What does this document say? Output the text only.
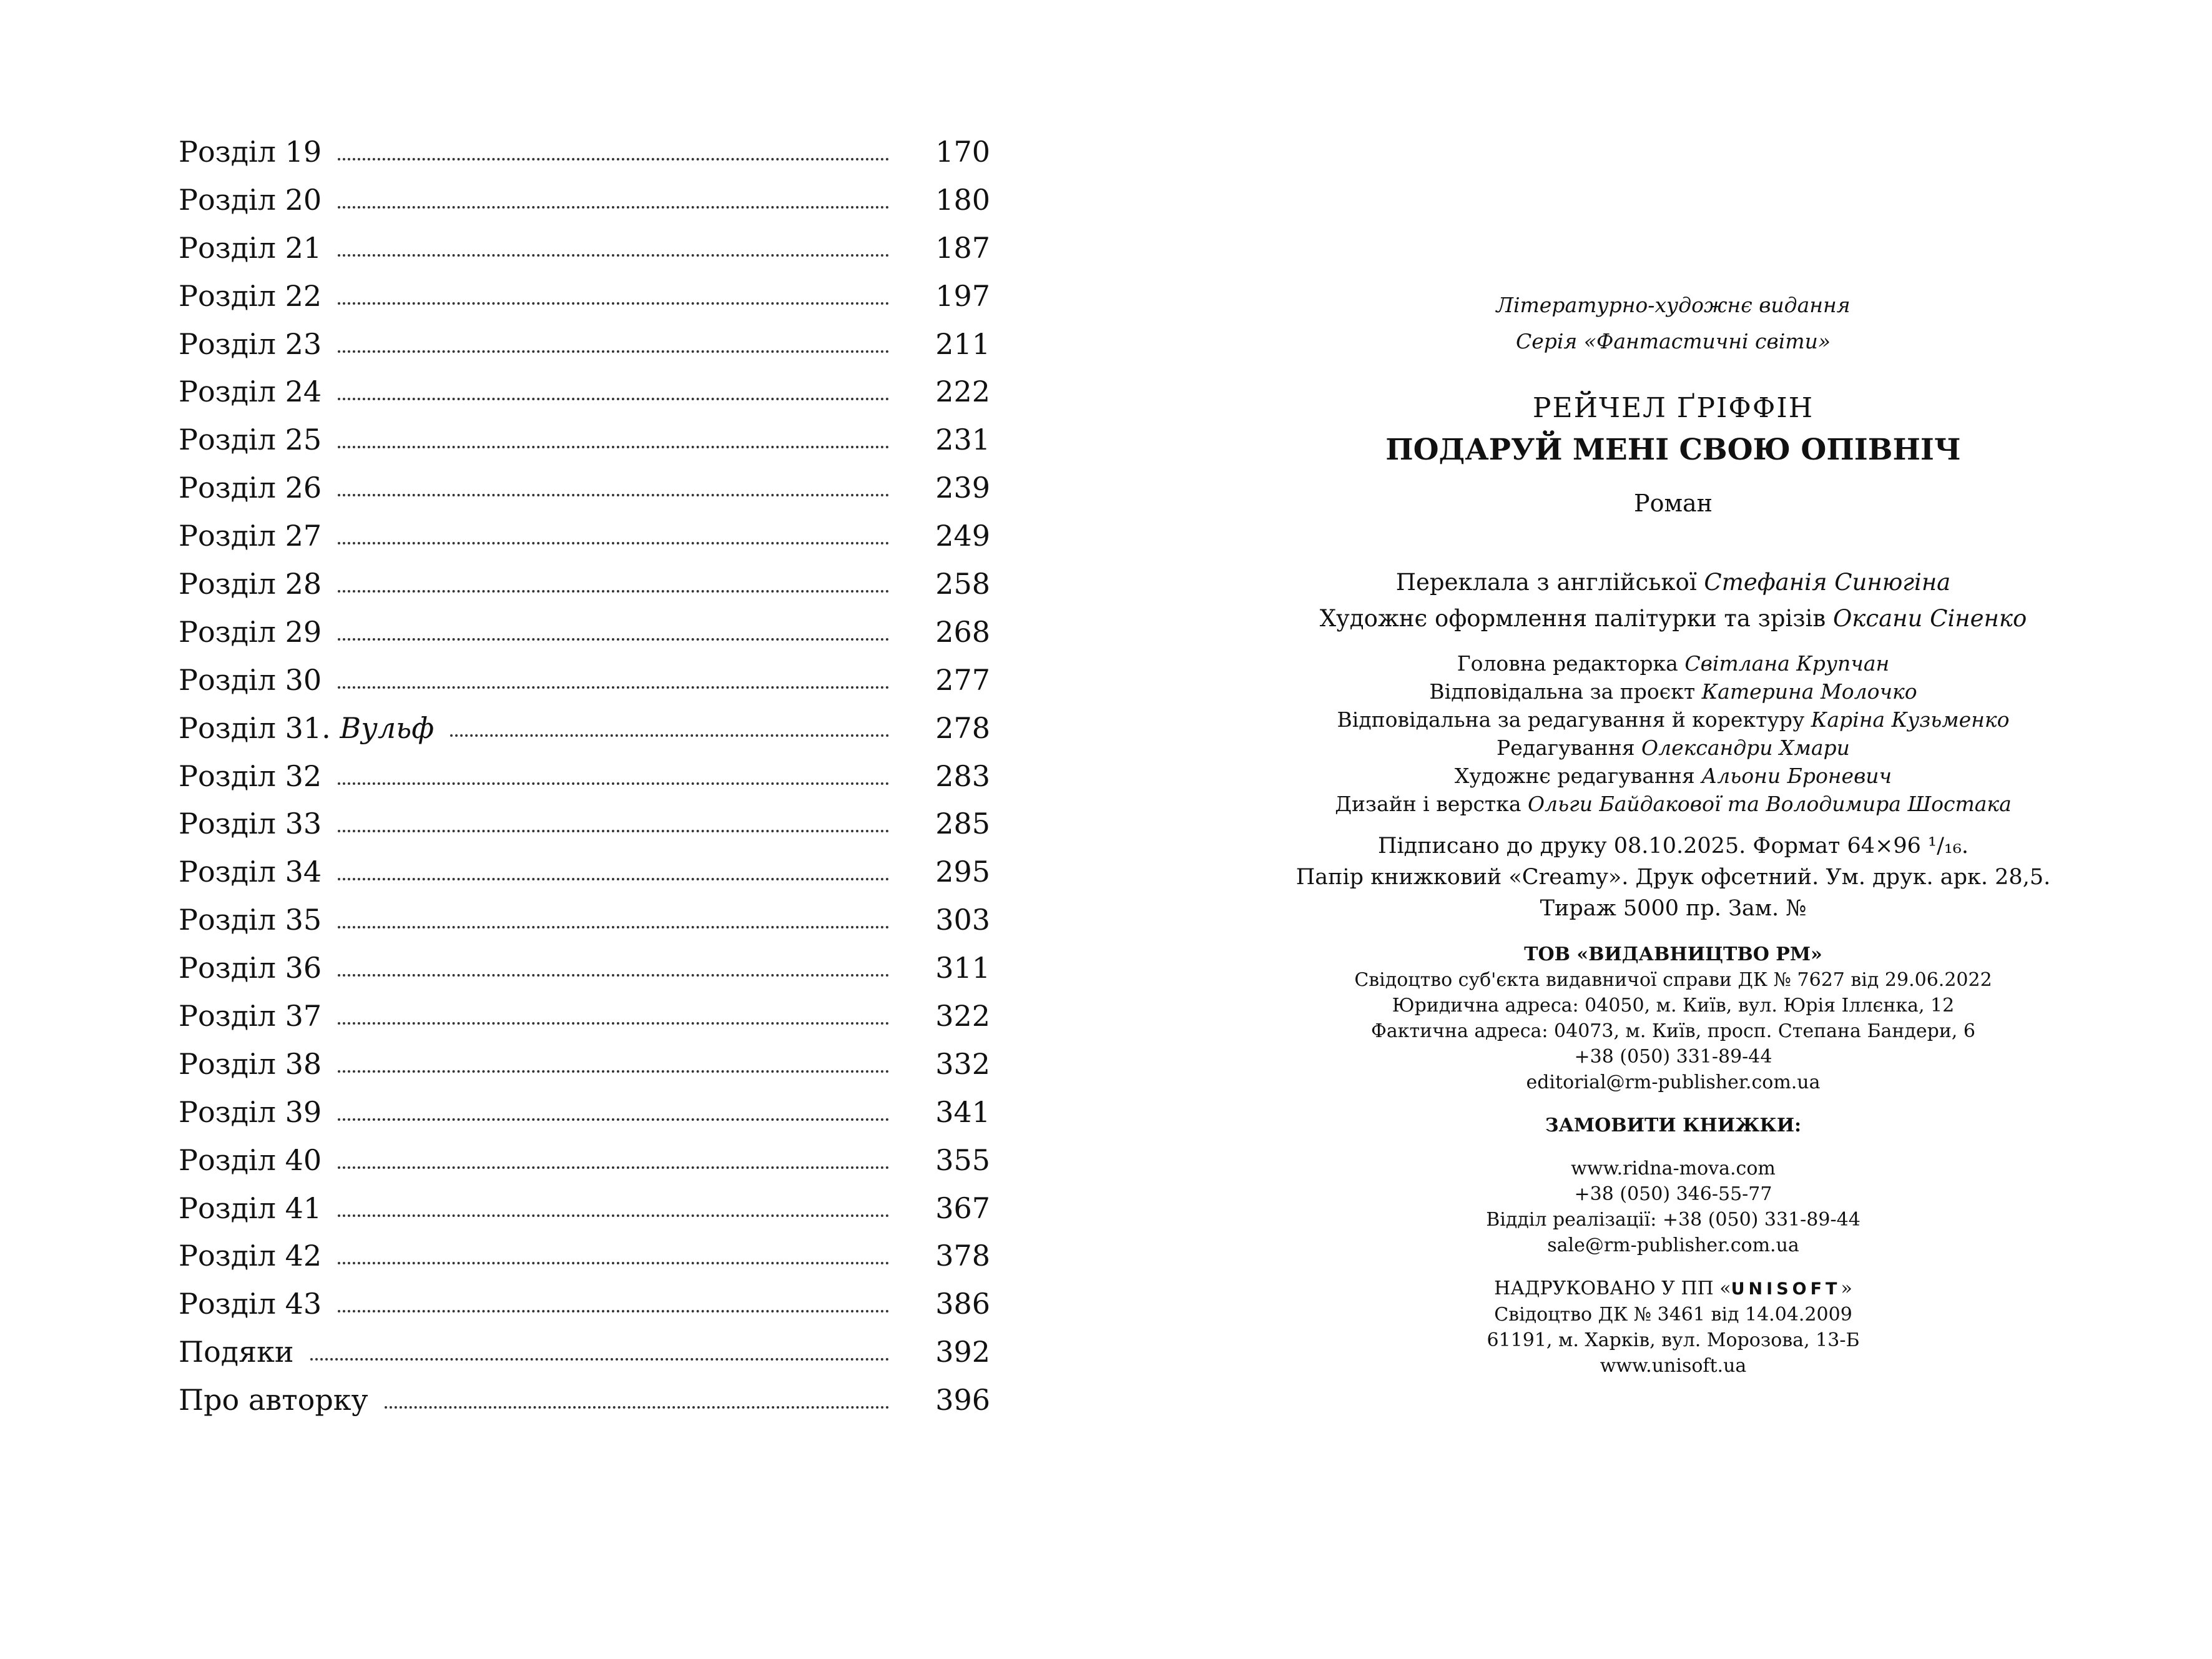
Розділ 19	170
Розділ 20	180
Розділ 21	187
Розділ 22	197
Розділ 23	211
Розділ 24	222
Розділ 25	231
Розділ 26	239
Розділ 27	249
Розділ 28	258
Розділ 29	268
Розділ 30	277
Розділ 31. Вульф	278
Розділ 32	283
Розділ 33	285
Розділ 34	295
Розділ 35	303
Розділ 36	311
Розділ 37	322
Розділ 38	332
Розділ 39	341
Розділ 40	355
Розділ 41	367
Розділ 42	378
Розділ 43	386
Подяки	392
Про авторку	396
Літературно-художнє видання
Серія «Фантастичні світи»
РЕЙЧЕЛ ҐРІФФІН
ПОДАРУЙ МЕНІ СВОЮ ОПІВНІЧ
Роман
Переклала з англійської Стефанія Синюгіна
Художнє оформлення палітурки та зрізів Оксани Сіненко
Головна редакторка Світлана Крупчан
Відповідальна за проєкт Катерина Молочко
Відповідальна за редагування й коректуру Каріна Кузьменко
Редагування Олександри Хмари
Художнє редагування Альони Броневич
Дизайн і верстка Ольги Байдакової та Володимира Шостака
Підписано до друку 08.10.2025. Формат 64×96 ¹/₁₆.
Папір книжковий «Creamy». Друк офсетний. Ум. друк. арк. 28,5.
Тираж 5000 пр. Зам. №
ТОВ «ВИДАВНИЦТВО РМ»
Свідоцтво суб'єкта видавничої справи ДК № 7627 від 29.06.2022
Юридична адреса: 04050, м. Київ, вул. Юрія Іллєнка, 12
Фактична адреса: 04073, м. Київ, просп. Степана Бандери, 6
+38 (050) 331-89-44
editorial@rm-publisher.com.ua
ЗАМОВИТИ КНИЖКИ:
www.ridna-mova.com
+38 (050) 346-55-77
Відділ реалізації: +38 (050) 331-89-44
sale@rm-publisher.com.ua
НАДРУКОВАНО У ПП «UNISOFT»
Свідоцтво ДК № 3461 від 14.04.2009
61191, м. Харків, вул. Морозова, 13-Б
www.unisoft.ua
